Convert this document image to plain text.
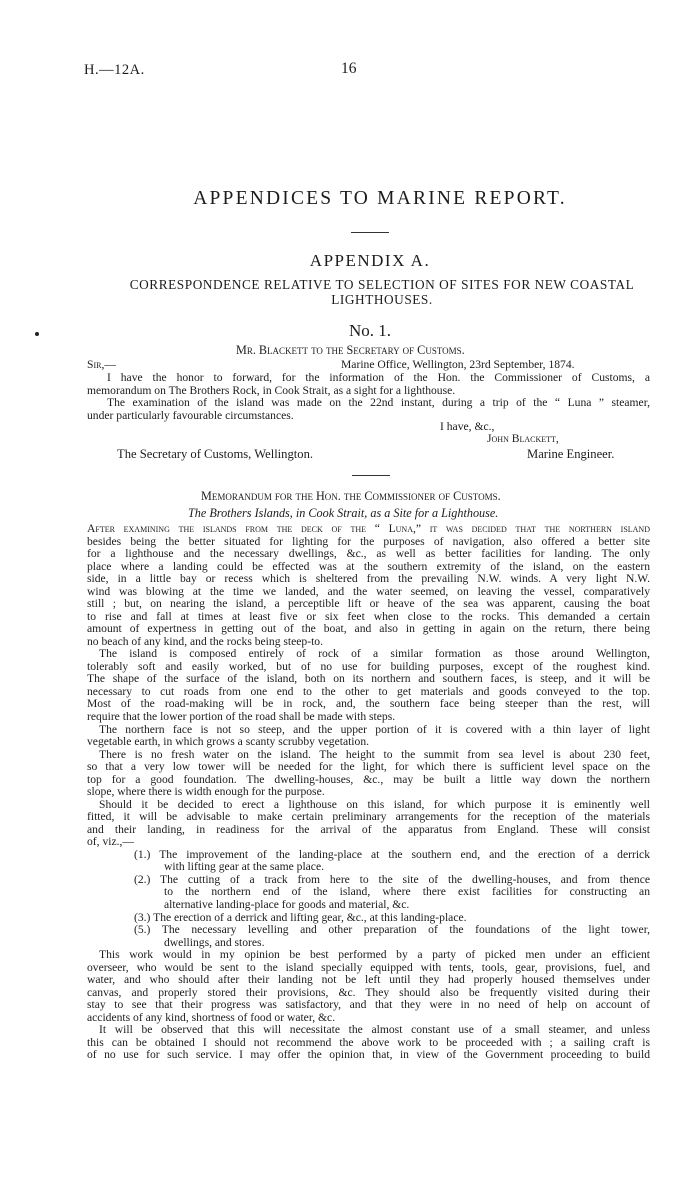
H.—12A.	16
APPENDICES TO MARINE REPORT.
APPENDIX A.
CORRESPONDENCE RELATIVE TO SELECTION OF SITES FOR NEW COASTAL
LIGHTHOUSES.
No. 1.
Mr. Blackett to the Secretary of Customs.
Sir,—	Marine Office, Wellington, 23rd September, 1874.
I have the honor to forward, for the information of the Hon. the Commissioner of Customs, a
memorandum on The Brothers Rock, in Cook Strait, as a sight for a lighthouse.
The examination of the island was made on the 22nd instant, during a trip of the “ Luna ” steamer,
under particularly favourable circumstances.
I have, &c.,
John Blackett,
The Secretary of Customs, Wellington.	Marine Engineer.
Memorandum for the Hon. the Commissioner of Customs.
The Brothers Islands, in Cook Strait, as a Site for a Lighthouse.
After examining the islands from the deck of the “ Luna,” it was decided that the northern island
besides being the better situated for lighting for the purposes of navigation, also offered a better site
for a lighthouse and the necessary dwellings, &c., as well as better facilities for landing. The only
place where a landing could be effected was at the southern extremity of the island, on the eastern
side, in a little bay or recess which is sheltered from the prevailing N.W. winds. A very light N.W.
wind was blowing at the time we landed, and the water seemed, on leaving the vessel, comparatively
still ; but, on nearing the island, a perceptible lift or heave of the sea was apparent, causing the boat
to rise and fall at times at least five or six feet when close to the rocks. This demanded a certain
amount of expertness in getting out of the boat, and also in getting in again on the return, there being
no beach of any kind, and the rocks being steep-to.
The island is composed entirely of rock of a similar formation as those around Wellington,
tolerably soft and easily worked, but of no use for building purposes, except of the roughest kind.
The shape of the surface of the island, both on its northern and southern faces, is steep, and it will be
necessary to cut roads from one end to the other to get materials and goods conveyed to the top.
Most of the road-making will be in rock, and, the southern face being steeper than the rest, will
require that the lower portion of the road shall be made with steps.
The northern face is not so steep, and the upper portion of it is covered with a thin layer of light
vegetable earth, in which grows a scanty scrubby vegetation.
There is no fresh water on the island. The height to the summit from sea level is about 230 feet,
so that a very low tower will be needed for the light, for which there is sufficient level space on the
top for a good foundation. The dwelling-houses, &c., may be built a little way down the northern
slope, where there is width enough for the purpose.
Should it be decided to erect a lighthouse on this island, for which purpose it is eminently well
fitted, it will be advisable to make certain preliminary arrangements for the reception of the materials
and their landing, in readiness for the arrival of the apparatus from England. These will consist
of, viz.,—
(1.) The improvement of the landing-place at the southern end, and the erection of a derrick
with lifting gear at the same place.
(2.) The cutting of a track from here to the site of the dwelling-houses, and from thence
to the northern end of the island, where there exist facilities for constructing an
alternative landing-place for goods and material, &c.
(3.) The erection of a derrick and lifting gear, &c., at this landing-place.
(5.) The necessary levelling and other preparation of the foundations of the light tower,
dwellings, and stores.
This work would in my opinion be best performed by a party of picked men under an efficient
overseer, who would be sent to the island specially equipped with tents, tools, gear, provisions, fuel, and
water, and who should after their landing not be left until they had properly housed themselves under
canvas, and properly stored their provisions, &c. They should also be frequently visited during their
stay to see that their progress was satisfactory, and that they were in no need of help on account of
accidents of any kind, shortness of food or water, &c.
It will be observed that this will necessitate the almost constant use of a small steamer, and unless
this can be obtained I should not recommend the above work to be proceeded with ; a sailing craft is
of no use for such service. I may offer the opinion that, in view of the Government proceeding to build
